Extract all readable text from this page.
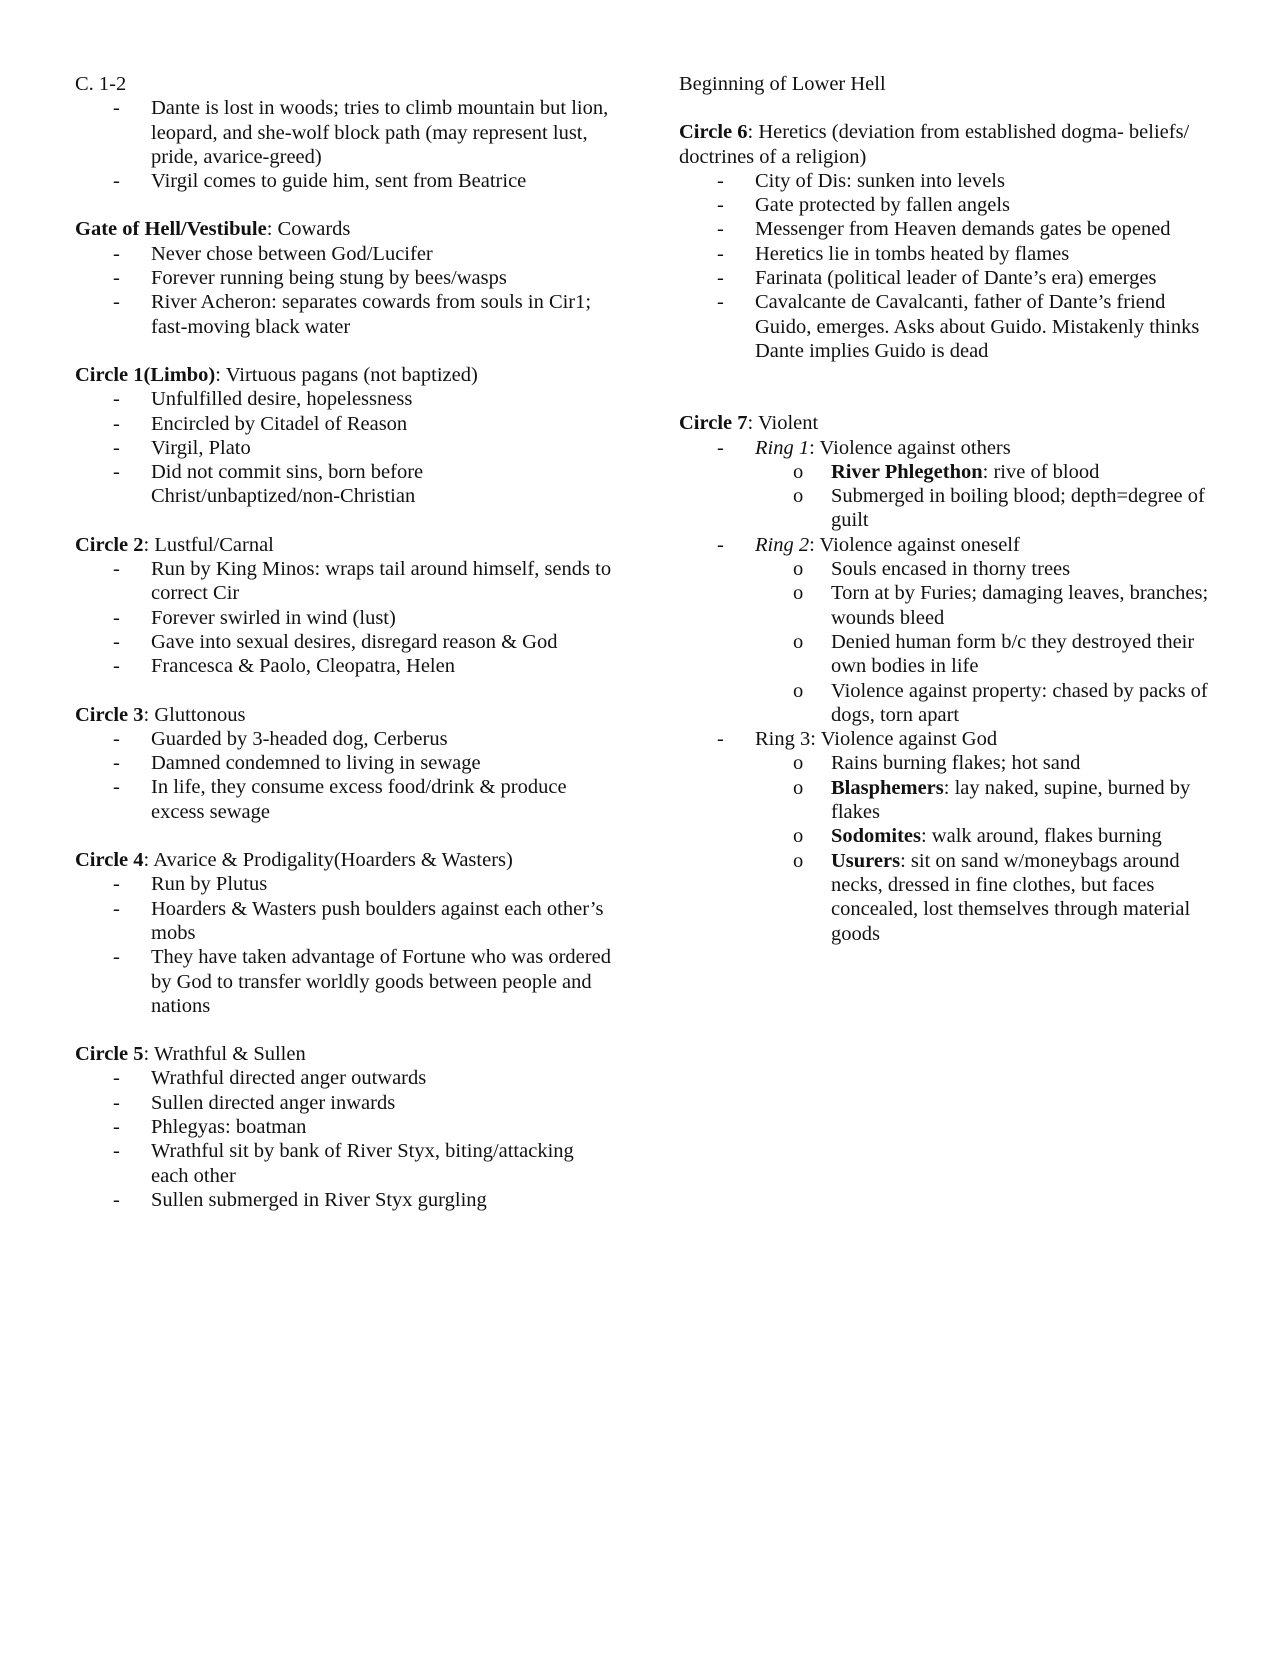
C. 1-2
- Dante is lost in woods; tries to climb mountain but lion, leopard, and she-wolf block path (may represent lust, pride, avarice-greed)
- Virgil comes to guide him, sent from Beatrice
Gate of Hell/Vestibule: Cowards
- Never chose between God/Lucifer
- Forever running being stung by bees/wasps
- River Acheron: separates cowards from souls in Cir1; fast-moving black water
Circle 1(Limbo): Virtuous pagans (not baptized)
- Unfulfilled desire, hopelessness
- Encircled by Citadel of Reason
- Virgil, Plato
- Did not commit sins, born before Christ/unbaptized/non-Christian
Circle 2: Lustful/Carnal
- Run by King Minos: wraps tail around himself, sends to correct Cir
- Forever swirled in wind (lust)
- Gave into sexual desires, disregard reason & God
- Francesca & Paolo, Cleopatra, Helen
Circle 3: Gluttonous
- Guarded by 3-headed dog, Cerberus
- Damned condemned to living in sewage
- In life, they consume excess food/drink & produce excess sewage
Circle 4: Avarice & Prodigality(Hoarders & Wasters)
- Run by Plutus
- Hoarders & Wasters push boulders against each other’s mobs
- They have taken advantage of Fortune who was ordered by God to transfer worldly goods between people and nations
Circle 5: Wrathful & Sullen
- Wrathful directed anger outwards
- Sullen directed anger inwards
- Phlegyas: boatman
- Wrathful sit by bank of River Styx, biting/attacking each other
- Sullen submerged in River Styx gurgling
Beginning of Lower Hell
Circle 6: Heretics (deviation from established dogma- beliefs/ doctrines of a religion)
- City of Dis: sunken into levels
- Gate protected by fallen angels
- Messenger from Heaven demands gates be opened
- Heretics lie in tombs heated by flames
- Farinata (political leader of Dante’s era) emerges
- Cavalcante de Cavalcanti, father of Dante’s friend Guido, emerges. Asks about Guido. Mistakenly thinks Dante implies Guido is dead
Circle 7: Violent
- Ring 1: Violence against others
o River Phlegethon: rive of blood
o Submerged in boiling blood; depth=degree of guilt
- Ring 2: Violence against oneself
o Souls encased in thorny trees
o Torn at by Furies; damaging leaves, branches; wounds bleed
o Denied human form b/c they destroyed their own bodies in life
o Violence against property: chased by packs of dogs, torn apart
- Ring 3: Violence against God
o Rains burning flakes; hot sand
o Blasphemers: lay naked, supine, burned by flakes
o Sodomites: walk around, flakes burning
o Usurers: sit on sand w/moneybags around necks, dressed in fine clothes, but faces concealed, lost themselves through material goods
